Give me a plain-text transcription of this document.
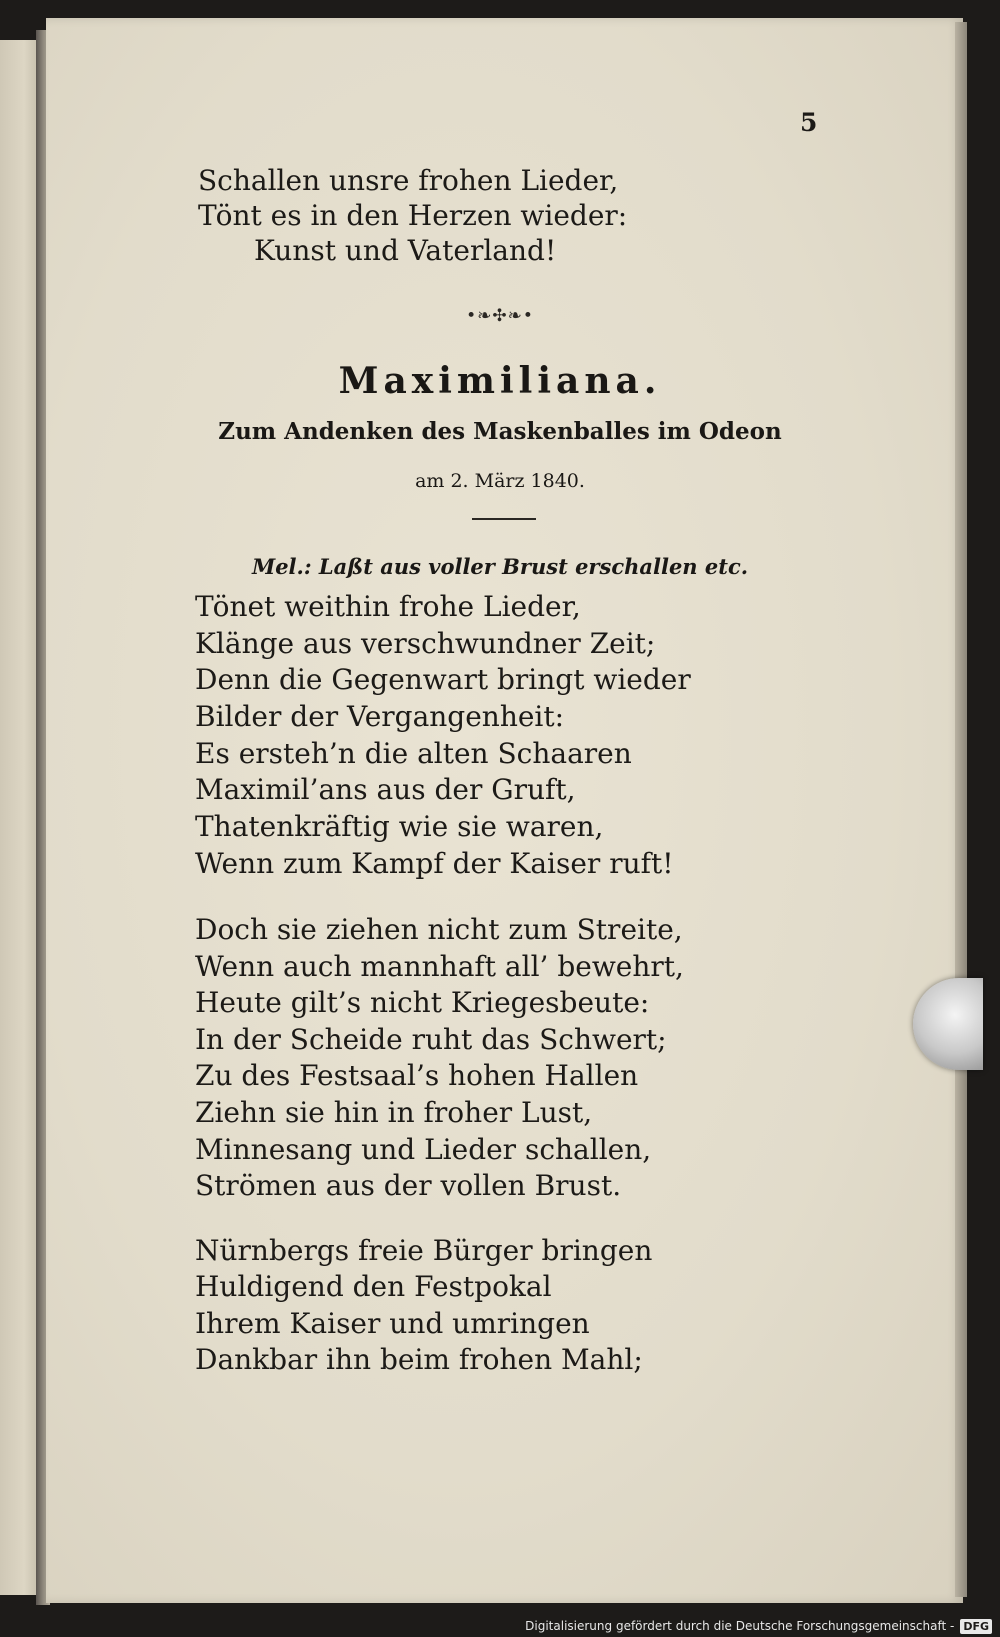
5
Schallen unsre frohen Lieder,
Tönt es in den Herzen wieder:
Kunst und Vaterland!
•❧✣❧•
Maximiliana.
Zum Andenken des Maskenballes im Odeon
am 2. März 1840.
Mel.: Laßt aus voller Brust erschallen etc.
Tönet weithin frohe Lieder,
Klänge aus verschwundner Zeit;
Denn die Gegenwart bringt wieder
Bilder der Vergangenheit:
Es ersteh’n die alten Schaaren
Maximil’ans aus der Gruft,
Thatenkräftig wie sie waren,
Wenn zum Kampf der Kaiser ruft!
Doch sie ziehen nicht zum Streite,
Wenn auch mannhaft all’ bewehrt,
Heute gilt’s nicht Kriegesbeute:
In der Scheide ruht das Schwert;
Zu des Festsaal’s hohen Hallen
Ziehn sie hin in froher Lust,
Minnesang und Lieder schallen,
Strömen aus der vollen Brust.
Nürnbergs freie Bürger bringen
Huldigend den Festpokal
Ihrem Kaiser und umringen
Dankbar ihn beim frohen Mahl;
Digitalisierung gefördert durch die Deutsche Forschungsgemeinschaft - DFG
